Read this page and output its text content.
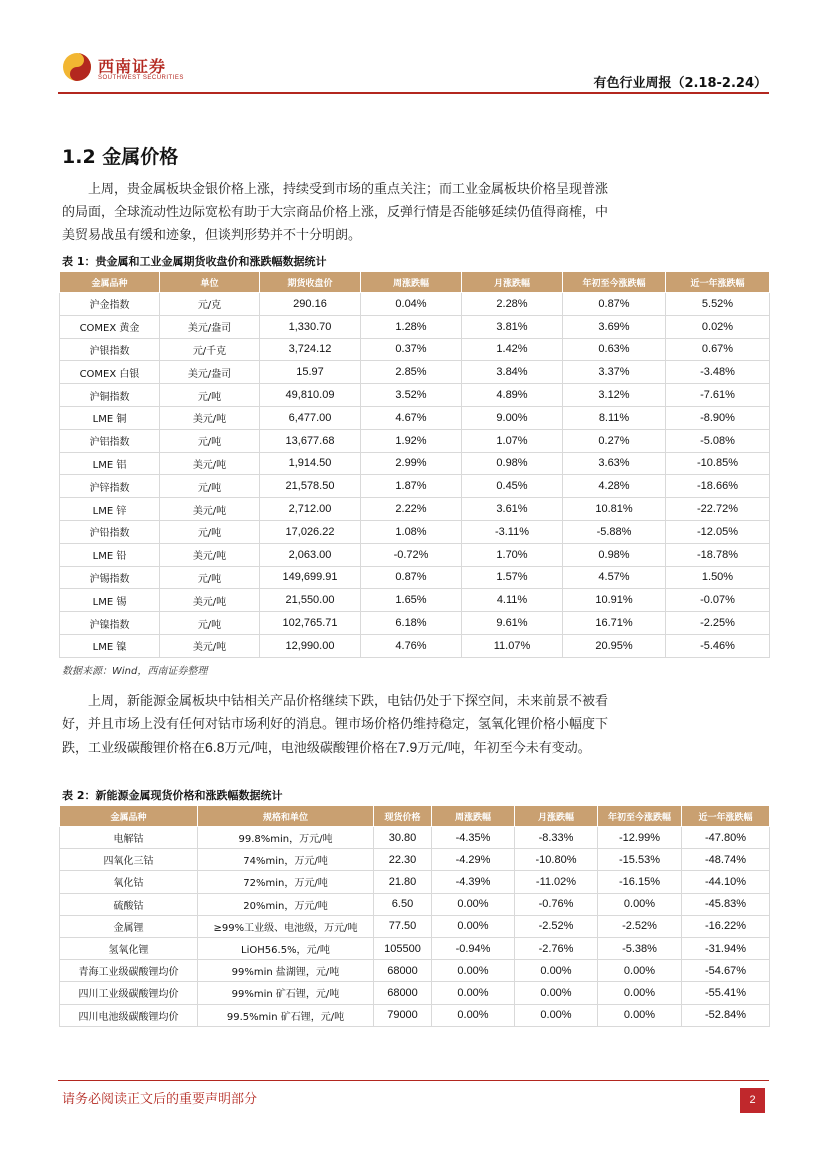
西南证券
SOUTHWEST SECURITIES	有色行业周报（2.18-2.24）
1.2 金属价格

上周，贵金属板块金银价格上涨，持续受到市场的重点关注；而工业金属板块价格呈现普涨的局面，全球流动性边际宽松有助于大宗商品价格上涨，反弹行情是否能够延续仍值得商榷，中美贸易战虽有缓和迹象，但谈判形势并不十分明朗。

表 1：贵金属和工业金属期货收盘价和涨跌幅数据统计
金属品种	单位	期货收盘价	周涨跌幅	月涨跌幅	年初至今涨跌幅	近一年涨跌幅
沪金指数	元/克	290.16	0.04%	2.28%	0.87%	5.52%
COMEX 黄金	美元/盎司	1,330.70	1.28%	3.81%	3.69%	0.02%
沪银指数	元/千克	3,724.12	0.37%	1.42%	0.63%	0.67%
COMEX 白银	美元/盎司	15.97	2.85%	3.84%	3.37%	-3.48%
沪铜指数	元/吨	49,810.09	3.52%	4.89%	3.12%	-7.61%
LME 铜	美元/吨	6,477.00	4.67%	9.00%	8.11%	-8.90%
沪铝指数	元/吨	13,677.68	1.92%	1.07%	0.27%	-5.08%
LME 铝	美元/吨	1,914.50	2.99%	0.98%	3.63%	-10.85%
沪锌指数	元/吨	21,578.50	1.87%	0.45%	4.28%	-18.66%
LME 锌	美元/吨	2,712.00	2.22%	3.61%	10.81%	-22.72%
沪铅指数	元/吨	17,026.22	1.08%	-3.11%	-5.88%	-12.05%
LME 铅	美元/吨	2,063.00	-0.72%	1.70%	0.98%	-18.78%
沪锡指数	元/吨	149,699.91	0.87%	1.57%	4.57%	1.50%
LME 锡	美元/吨	21,550.00	1.65%	4.11%	10.91%	-0.07%
沪镍指数	元/吨	102,765.71	6.18%	9.61%	16.71%	-2.25%
LME 镍	美元/吨	12,990.00	4.76%	11.07%	20.95%	-5.46%
数据来源：Wind，西南证券整理

上周，新能源金属板块中钴相关产品价格继续下跌，电钴仍处于下探空间，未来前景不被看好，并且市场上没有任何对钴市场利好的消息。锂市场价格仍维持稳定，氢氧化锂价格小幅度下跌，工业级碳酸锂价格在6.8万元/吨，电池级碳酸锂价格在7.9万元/吨，年初至今未有变动。

表 2：新能源金属现货价格和涨跌幅数据统计
金属品种	规格和单位	现货价格	周涨跌幅	月涨跌幅	年初至今涨跌幅	近一年涨跌幅
电解钴	99.8%min，万元/吨	30.80	-4.35%	-8.33%	-12.99%	-47.80%
四氧化三钴	74%min，万元/吨	22.30	-4.29%	-10.80%	-15.53%	-48.74%
氧化钴	72%min，万元/吨	21.80	-4.39%	-11.02%	-16.15%	-44.10%
硫酸钴	20%min，万元/吨	6.50	0.00%	-0.76%	0.00%	-45.83%
金属锂	≥99%工业级、电池级，万元/吨	77.50	0.00%	-2.52%	-2.52%	-16.22%
氢氧化锂	LiOH56.5%，元/吨	105500	-0.94%	-2.76%	-5.38%	-31.94%
青海工业级碳酸锂均价	99%min 盐湖锂，元/吨	68000	0.00%	0.00%	0.00%	-54.67%
四川工业级碳酸锂均价	99%min 矿石锂，元/吨	68000	0.00%	0.00%	0.00%	-55.41%
四川电池级碳酸锂均价	99.5%min 矿石锂，元/吨	79000	0.00%	0.00%	0.00%	-52.84%
请务必阅读正文后的重要声明部分	2
